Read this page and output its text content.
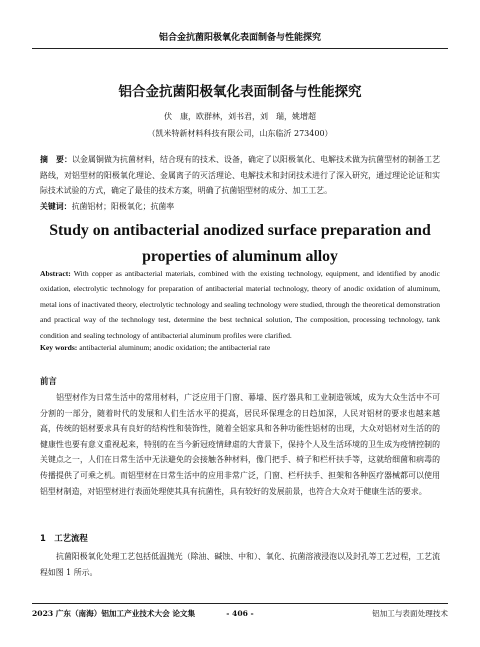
铝合金抗菌阳极氧化表面制备与性能探究
铝合金抗菌阳极氧化表面制备与性能探究
伏　康，欧群林，刘书君，刘　瑞，姚增超
（凯米特新材料科技有限公司，山东临沂 273400）
摘　要：以金属铜做为抗菌材料，结合现有的技术、设备，确定了以阳极氧化、电解技术做为抗菌型材的制备工艺路线，对铝型材的阳极氧化理论、金属离子的灭活理论、电解技术和封闭技术进行了深入研究，通过理论论证和实际技术试验的方式，确定了最佳的技术方案，明确了抗菌铝型材的成分、加工工艺。
关键词：抗菌铝材；阳极氧化；抗菌率
Study on antibacterial anodized surface preparation and properties of aluminum alloy
Abstract: With copper as antibacterial materials, combined with the existing technology, equipment, and identified by anodic oxidation, electrolytic technology for preparation of antibacterial material technology, theory of anodic oxidation of aluminum, metal ions of inactivated theory, electrolytic technology and sealing technology were studied, through the theoretical demonstration and practical way of the technology test, determine the best technical solution, The composition, processing technology, tank condition and sealing technology of antibacterial aluminum profiles were clarified.
Key words: antibacterial aluminum; anodic oxidation; the antibacterial rate
前言
铝型材作为日常生活中的常用材料，广泛应用于门窗、幕墙、医疗器具和工业制造领域，成为大众生活中不可分割的一部分，随着时代的发展和人们生活水平的提高，居民环保理念的日趋加深，人民对铝材的要求也越来越高，传统的铝材要求具有良好的结构性和装饰性，随着全铝家具和各种功能性铝材的出现，大众对铝材对生活的的健康性也要有意义重视起来，特别的在当今新冠疫情肆虐的大背景下，保持个人及生活环境的卫生成为疫情控制的关键点之一，人们在日常生活中无法避免的会接触各种材料，像门把手、椅子和栏杆扶手等，这就给细菌和病毒的传播提供了可乘之机。而铝型材在日常生活中的应用非常广泛，门窗、栏杆扶手、担架和各种医疗器械都可以使用铝型材制造，对铝型材进行表面处理使其具有抗菌性，具有较好的发展前景，也符合大众对于健康生活的要求。
1　工艺流程
抗菌阳极氧化处理工艺包括低温抛光（除油、碱蚀、中和）、氧化、抗菌溶液浸泡以及封孔等工艺过程，工艺流程如图 1 所示。
2023 广东（南海）铝加工产业技术大会 论文集	- 406 -	铝加工与表面处理技术
